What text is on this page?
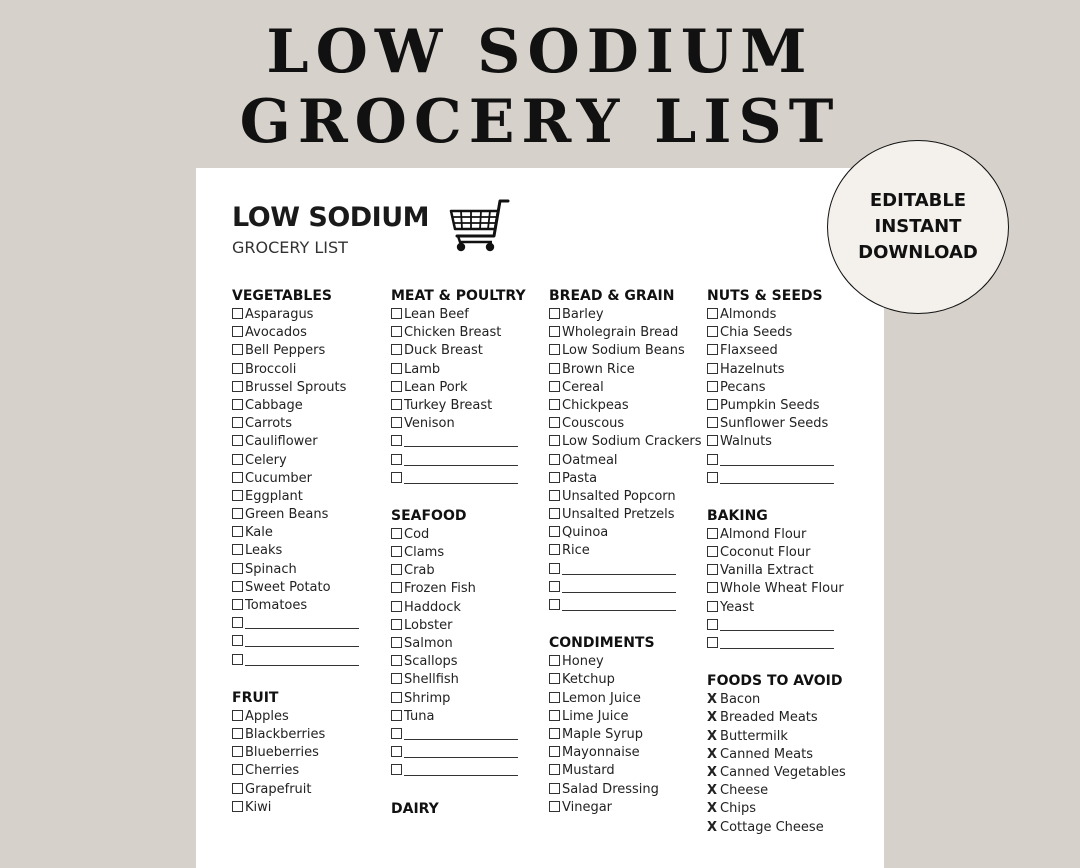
LOW SODIUM
GROCERY LIST
LOW SODIUM
GROCERY LIST
VEGETABLES
Asparagus
Avocados
Bell Peppers
Broccoli
Brussel Sprouts
Cabbage
Carrots
Cauliflower
Celery
Cucumber
Eggplant
Green Beans
Kale
Leaks
Spinach
Sweet Potato
Tomatoes
FRUIT
Apples
Blackberries
Blueberries
Cherries
Grapefruit
Kiwi
MEAT & POULTRY
Lean Beef
Chicken Breast
Duck Breast
Lamb
Lean Pork
Turkey Breast
Venison
SEAFOOD
Cod
Clams
Crab
Frozen Fish
Haddock
Lobster
Salmon
Scallops
Shellfish
Shrimp
Tuna
DAIRY
BREAD & GRAIN
Barley
Wholegrain Bread
Low Sodium Beans
Brown Rice
Cereal
Chickpeas
Couscous
Low Sodium Crackers
Oatmeal
Pasta
Unsalted Popcorn
Unsalted Pretzels
Quinoa
Rice
CONDIMENTS
Honey
Ketchup
Lemon Juice
Lime Juice
Maple Syrup
Mayonnaise
Mustard
Salad Dressing
Vinegar
NUTS & SEEDS
Almonds
Chia Seeds
Flaxseed
Hazelnuts
Pecans
Pumpkin Seeds
Sunflower Seeds
Walnuts
BAKING
Almond Flour
Coconut Flour
Vanilla Extract
Whole Wheat Flour
Yeast
FOODS TO AVOID
X Bacon
X Breaded Meats
X Buttermilk
X Canned Meats
X Canned Vegetables
X Cheese
X Chips
X Cottage Cheese
EDITABLE
INSTANT
DOWNLOAD
